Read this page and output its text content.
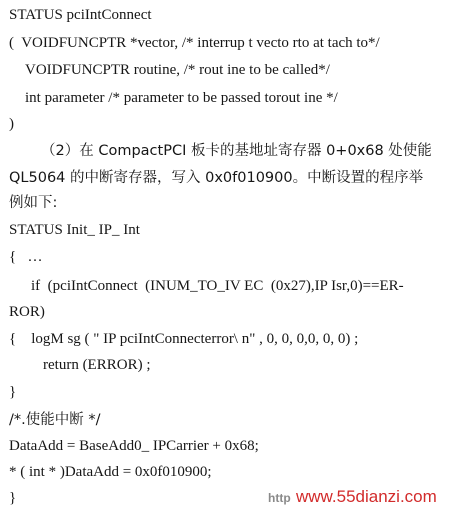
STATUS pciIntConnect
(  VOIDFUNCPTR *vector, /* interrup t vecto rto at tach to*/
VOIDFUNCPTR routine, /* rout ine to be called*/
int parameter /* parameter to be passed torout ine */
)
（2）在 CompactPCI 板卡的基地址寄存器 0+0x68 处使能
QL5064 的中断寄存器，写入 0x0f010900。中断设置的程序举
例如下:
STATUS Init_ IP_ Int
{   …
if  (pciIntConnect  (INUM_TO_IV EC  (0x27),IP Isr,0)==ER-
ROR)
{    logM sg ( " IP pciIntConnecterror\ n" , 0, 0, 0,0, 0, 0) ;
return (ERROR) ;
}
/*.使能中断 */
DataAdd = BaseAdd0_ IPCarrier + 0x68;
* ( int * )DataAdd = 0x0f010900;
}	http www.55dianzi.com
